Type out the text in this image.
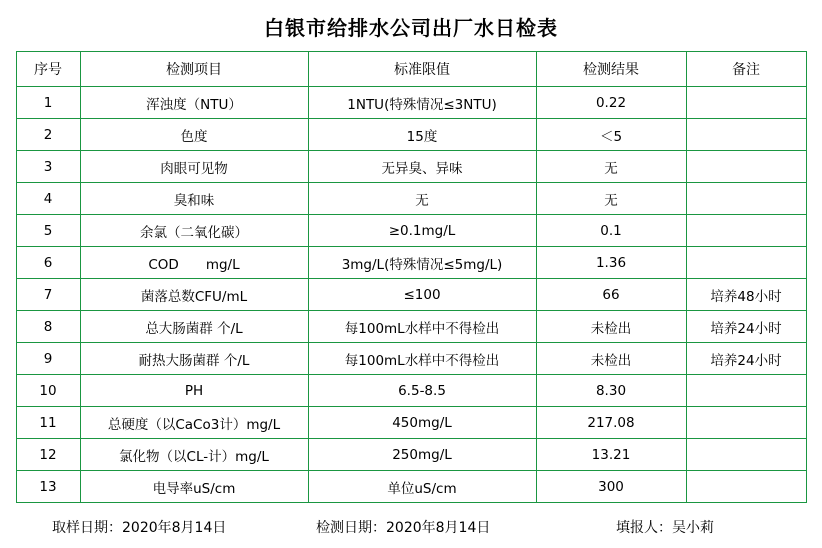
白银市给排水公司出厂水日检表
序号	检测项目	标准限值	检测结果	备注
1	浑浊度（NTU）	1NTU(特殊情况≤3NTU)	0.22	
2	色度	15度	＜5	
3	肉眼可见物	无异臭、异味	无	
4	臭和味	无	无	
5	余氯（二氧化碳）	≥0.1mg/L	0.1	
6	COD　　mg/L	3mg/L(特殊情况≤5mg/L)	1.36	
7	菌落总数CFU/mL	≤100	66	培养48小时
8	总大肠菌群 个/L	每100mL水样中不得检出	未检出	培养24小时
9	耐热大肠菌群 个/L	每100mL水样中不得检出	未检出	培养24小时
10	PH	6.5-8.5	8.30	
11	总硬度（以CaCo3计）mg/L	450mg/L	217.08	
12	氯化物（以CL-计）mg/L	250mg/L	13.21	
13	电导率uS/cm	单位uS/cm	300	
取样日期：2020年8月14日	检测日期：2020年8月14日	填报人：吴小莉
